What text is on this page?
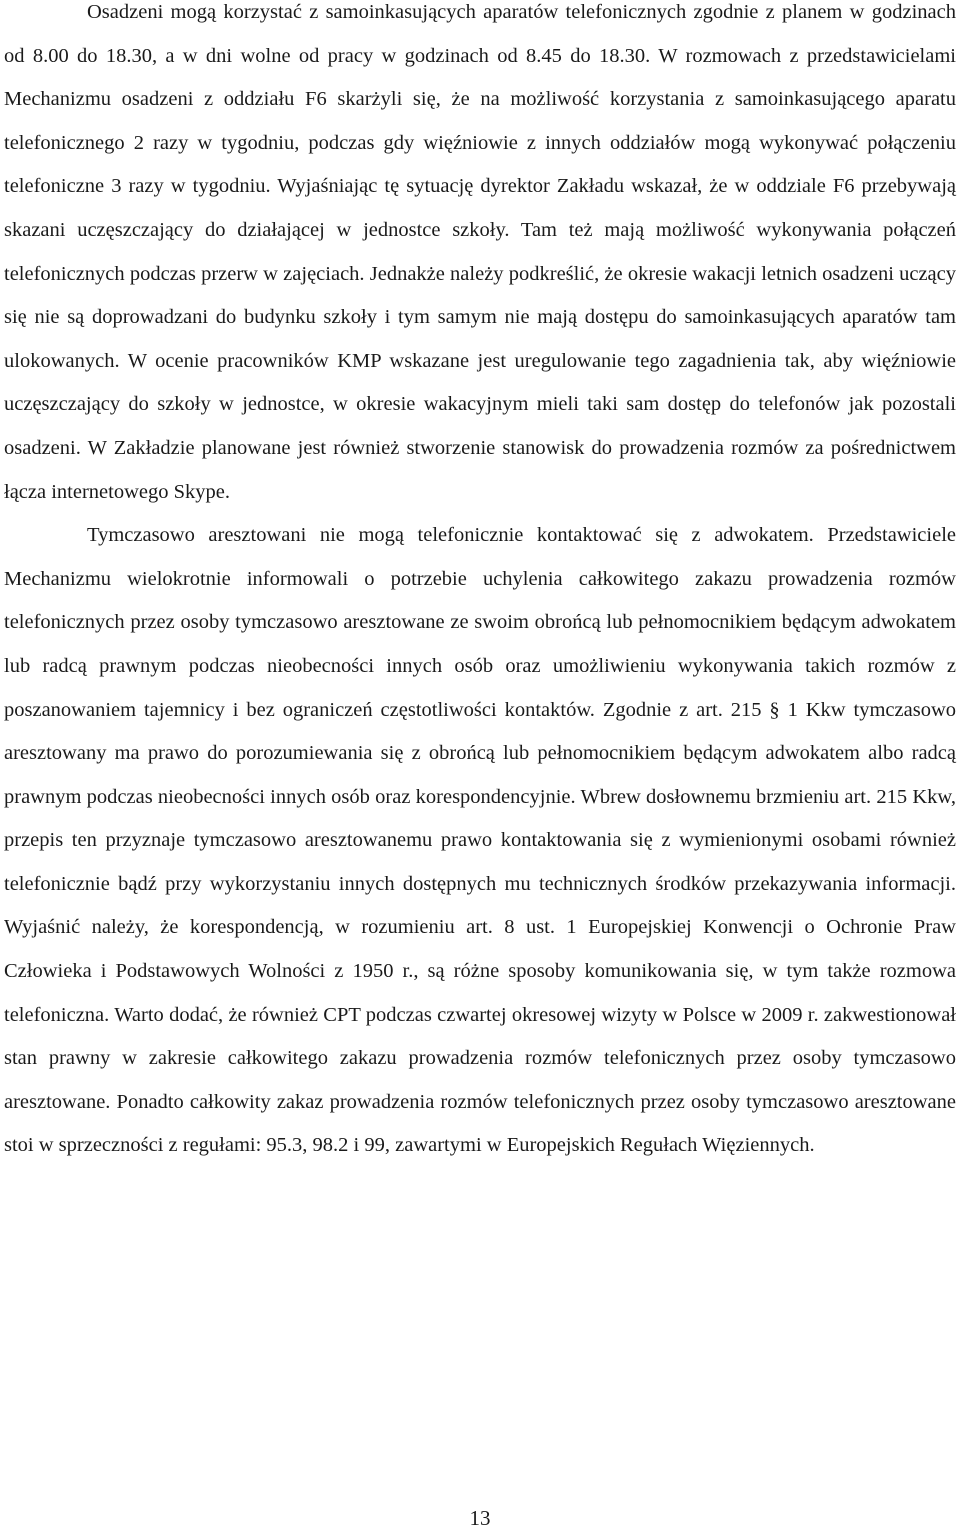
Osadzeni mogą korzystać z samoinkasujących aparatów telefonicznych zgodnie z planem w godzinach od 8.00 do 18.30, a w dni wolne od pracy w godzinach od 8.45 do 18.30. W rozmowach z przedstawicielami Mechanizmu osadzeni z oddziału F6 skarżyli się, że na możliwość korzystania z samoinkasującego aparatu telefonicznego 2 razy w tygodniu, podczas gdy więźniowie z innych oddziałów mogą wykonywać połączeniu telefoniczne 3 razy w tygodniu. Wyjaśniając tę sytuację dyrektor Zakładu wskazał, że w oddziale F6 przebywają skazani uczęszczający do działającej w jednostce szkoły. Tam też mają możliwość wykonywania połączeń telefonicznych podczas przerw w zajęciach. Jednakże należy podkreślić, że okresie wakacji letnich osadzeni uczący się nie są doprowadzani do budynku szkoły i tym samym nie mają dostępu do samoinkasujących aparatów tam ulokowanych. W ocenie pracowników KMP wskazane jest uregulowanie tego zagadnienia tak, aby więźniowie uczęszczający do szkoły w jednostce, w okresie wakacyjnym mieli taki sam dostęp do telefonów jak pozostali osadzeni. W Zakładzie planowane jest również stworzenie stanowisk do prowadzenia rozmów za pośrednictwem łącza internetowego Skype.

Tymczasowo aresztowani nie mogą telefonicznie kontaktować się z adwokatem. Przedstawiciele Mechanizmu wielokrotnie informowali o potrzebie uchylenia całkowitego zakazu prowadzenia rozmów telefonicznych przez osoby tymczasowo aresztowane ze swoim obrońcą lub pełnomocnikiem będącym adwokatem lub radcą prawnym podczas nieobecności innych osób oraz umożliwieniu wykonywania takich rozmów z poszanowaniem tajemnicy i bez ograniczeń częstotliwości kontaktów. Zgodnie z art. 215 § 1 Kkw tymczasowo aresztowany ma prawo do porozumiewania się z obrońcą lub pełnomocnikiem będącym adwokatem albo radcą prawnym podczas nieobecności innych osób oraz korespondencyjnie. Wbrew dosłownemu brzmieniu art. 215 Kkw, przepis ten przyznaje tymczasowo aresztowanemu prawo kontaktowania się z wymienionymi osobami również telefonicznie bądź przy wykorzystaniu innych dostępnych mu technicznych środków przekazywania informacji. Wyjaśnić należy, że korespondencją, w rozumieniu art. 8 ust. 1 Europejskiej Konwencji o Ochronie Praw Człowieka i Podstawowych Wolności z 1950 r., są różne sposoby komunikowania się, w tym także rozmowa telefoniczna. Warto dodać, że również CPT podczas czwartej okresowej wizyty w Polsce w 2009 r. zakwestionował stan prawny w zakresie całkowitego zakazu prowadzenia rozmów telefonicznych przez osoby tymczasowo aresztowane. Ponadto całkowity zakaz prowadzenia rozmów telefonicznych przez osoby tymczasowo aresztowane stoi w sprzeczności z regułami: 95.3, 98.2 i 99, zawartymi w Europejskich Regułach Więziennych.

13
